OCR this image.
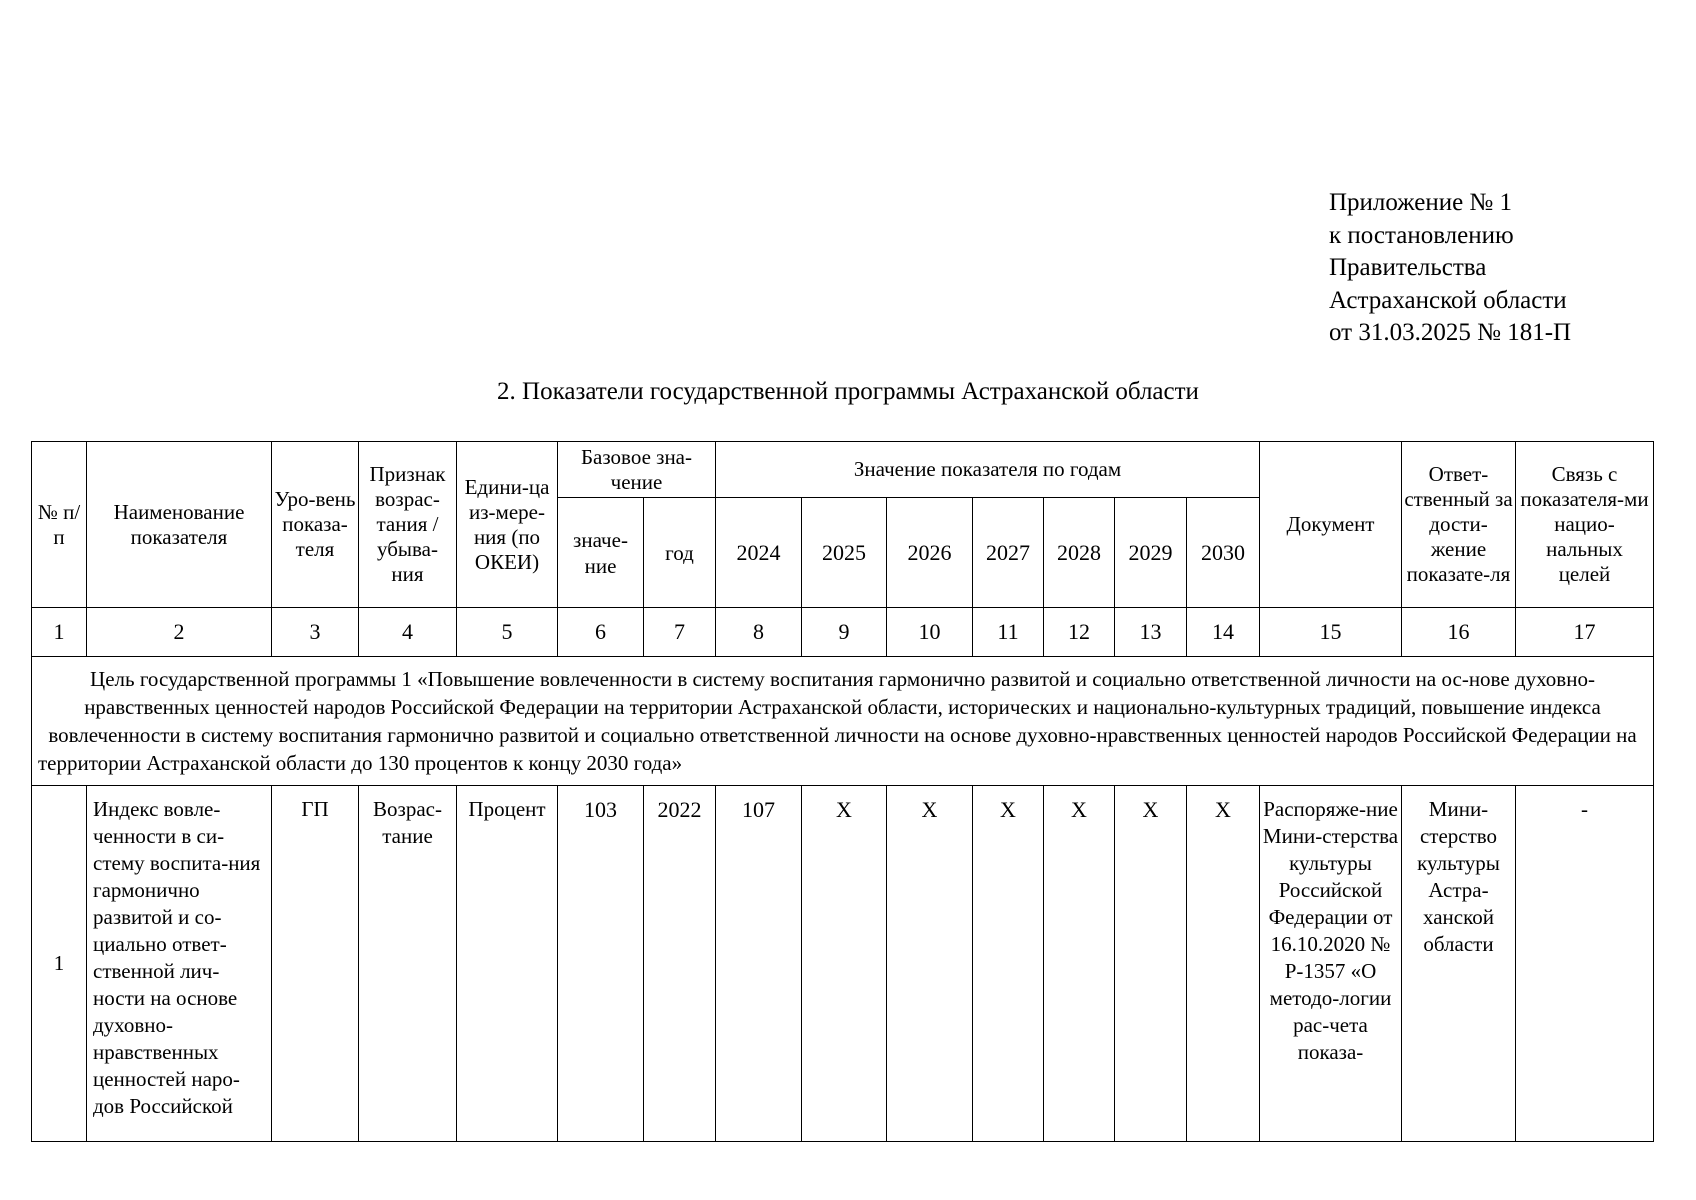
Приложение № 1
к постановлению
Правительства
Астраханской области
от 31.03.2025 № 181-П
2. Показатели государственной программы Астраханской области
№ п/п	Наименование показателя	Уро-вень показа-теля	Признак возрас-тания / убыва-ния	Едини-ца из-мере-ния (по ОКЕИ)	Базовое зна-чение		Значение показателя по годам							Документ	Ответ-ственный за дости-жение показате-ля	Связь с показателя-ми нацио-нальных целей
					значе-ние	год	2024	2025	2026	2027	2028	2029	2030			
1	2	3	4	5	6	7	8	9	10	11	12	13	14	15	16	17
Цель государственной программы 1 «Повышение вовлеченности в систему воспитания гармонично развитой и социально ответственной личности на ос-нове духовно-нравственных ценностей народов Российской Федерации на территории Астраханской области, исторических и национально-культурных традиций, повышение индекса вовлеченности в систему воспитания гармонично развитой и социально ответственной личности на основе духовно-нравственных ценностей народов Российской Федерации на территории Астраханской области до 130 процентов к концу 2030 года»																
1	Индекс вовле-ченности в си-стему воспита-ния гармонично развитой и со-циально ответ-ственной лич-ности на основе духовно-нравственных ценностей наро-дов Российской	ГП	Возрас-тание	Процент	103	2022	107	Х	Х	Х	Х	Х	Х	Распоряже-ние Мини-стерства культуры Российской Федерации от 16.10.2020 № Р-1357 «О методо-логии рас-чета показа-	Мини-стерство культуры Астра-ханской области	-
